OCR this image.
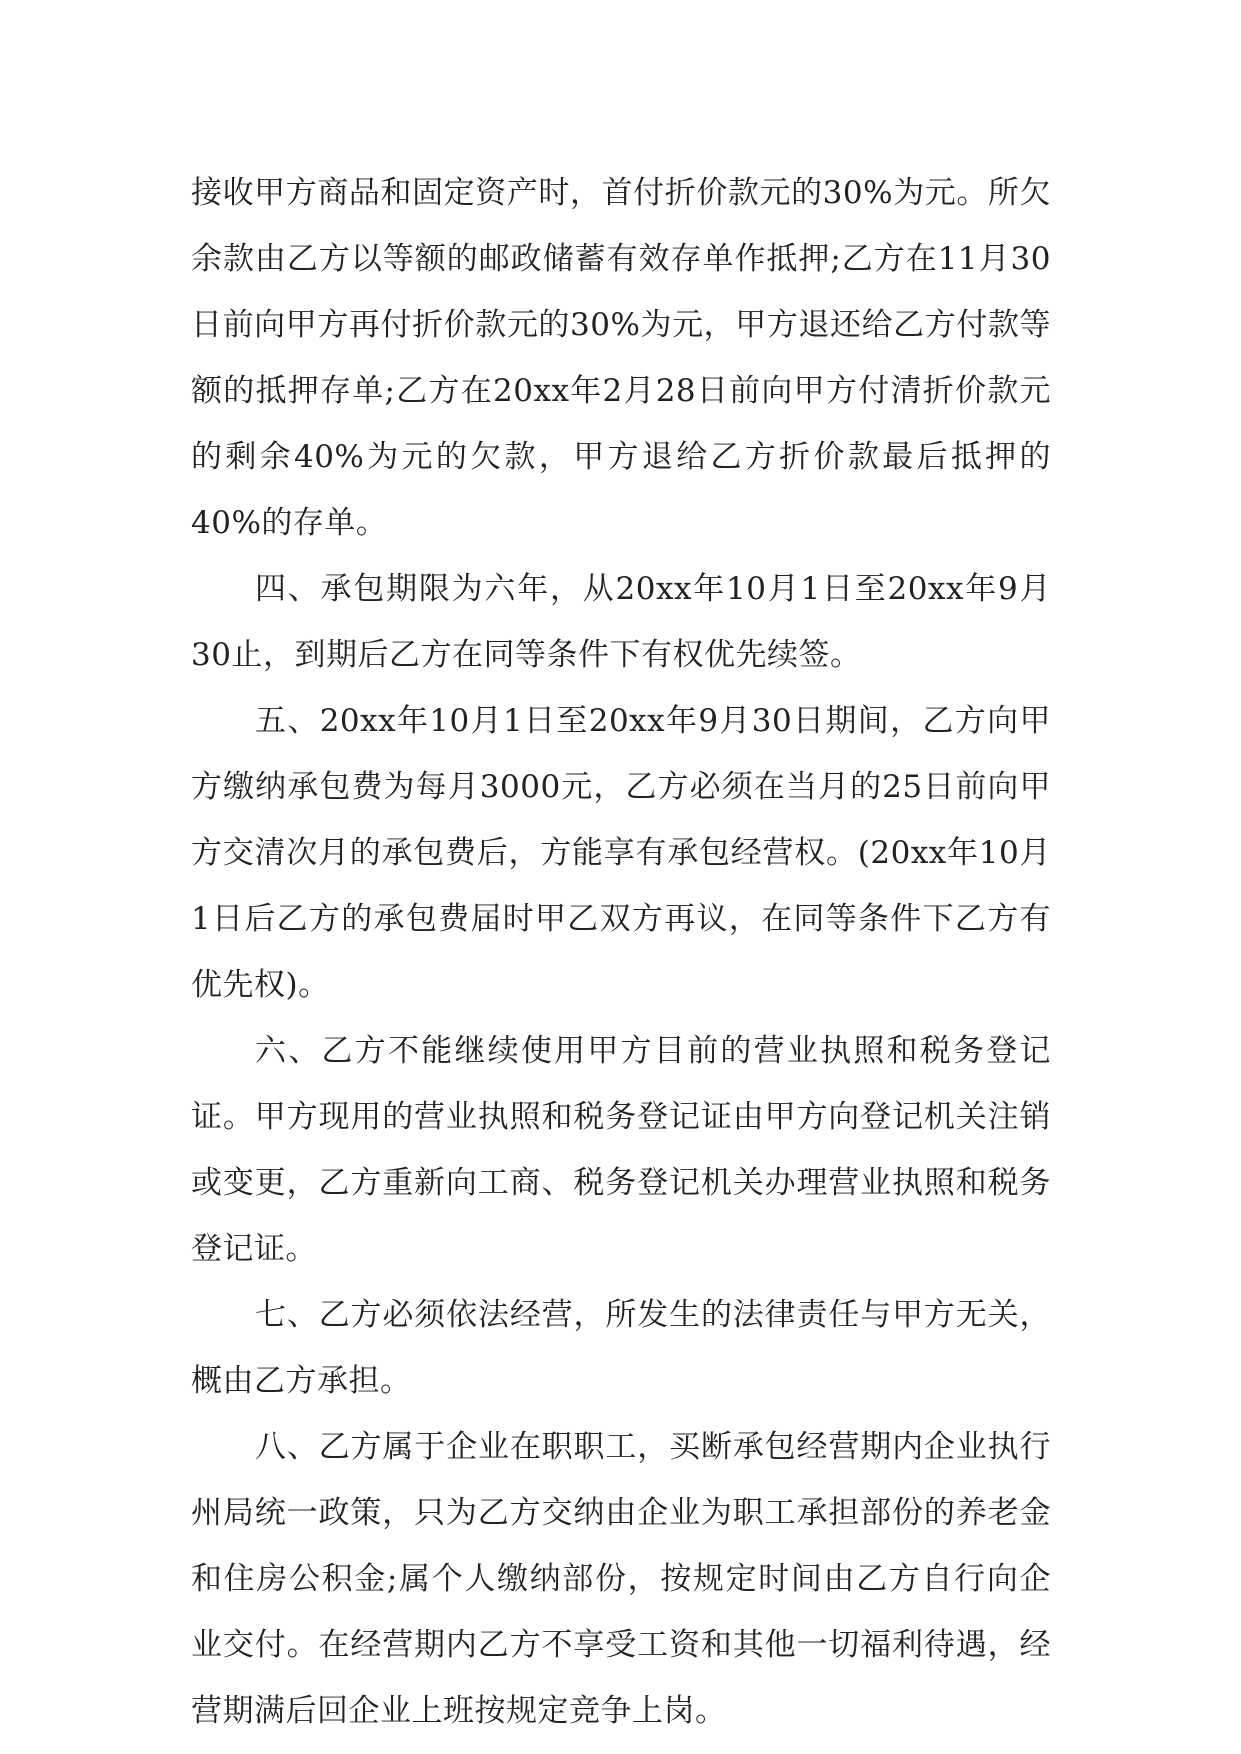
接收甲方商品和固定资产时，首付折价款元的30%为元。所欠余款由乙方以等额的邮政储蓄有效存单作抵押;乙方在11月30日前向甲方再付折价款元的30%为元，甲方退还给乙方付款等额的抵押存单;乙方在20xx年2月28日前向甲方付清折价款元的剩余40%为元的欠款，甲方退给乙方折价款最后抵押的40%的存单。

四、承包期限为六年，从20xx年10月1日至20xx年9月30止，到期后乙方在同等条件下有权优先续签。

五、20xx年10月1日至20xx年9月30日期间，乙方向甲方缴纳承包费为每月3000元，乙方必须在当月的25日前向甲方交清次月的承包费后，方能享有承包经营权。(20xx年10月1日后乙方的承包费届时甲乙双方再议，在同等条件下乙方有优先权)。

六、乙方不能继续使用甲方目前的营业执照和税务登记证。甲方现用的营业执照和税务登记证由甲方向登记机关注销或变更，乙方重新向工商、税务登记机关办理营业执照和税务登记证。

七、乙方必须依法经营，所发生的法律责任与甲方无关，概由乙方承担。

八、乙方属于企业在职职工，买断承包经营期内企业执行州局统一政策，只为乙方交纳由企业为职工承担部份的养老金和住房公积金;属个人缴纳部份，按规定时间由乙方自行向企业交付。在经营期内乙方不享受工资和其他一切福利待遇，经营期满后回企业上班按规定竞争上岗。
